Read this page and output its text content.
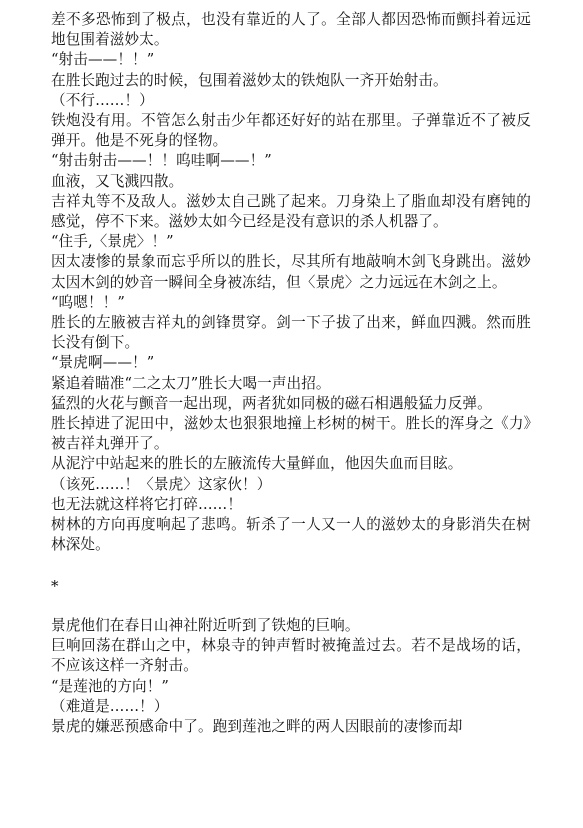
差不多恐怖到了极点，也没有靠近的人了。全部人都因恐怖而颤抖着远远地包围着滋妙太。

“射击——！！”

在胜长跑过去的时候，包围着滋妙太的铁炮队一齐开始射击。

（不行……！）

铁炮没有用。不管怎么射击少年都还好好的站在那里。子弹靠近不了被反弹开。他是不死身的怪物。

“射击射击——！！呜哇啊——！”

血液，又飞溅四散。

吉祥丸等不及敌人。滋妙太自己跳了起来。刀身染上了脂血却没有磨钝的感觉，停不下来。滋妙太如今已经是没有意识的杀人机器了。

“住手,〈景虎〉！”

因太凄惨的景象而忘乎所以的胜长，尽其所有地敲响木剑飞身跳出。滋妙太因木剑的妙音一瞬间全身被冻结，但〈景虎〉之力远远在木剑之上。

“呜嗯！！”

胜长的左腋被吉祥丸的剑锋贯穿。剑一下子拔了出来，鲜血四溅。然而胜长没有倒下。

“景虎啊——！”

紧追着瞄准“二之太刀”胜长大喝一声出招。

猛烈的火花与颤音一起出现，两者犹如同极的磁石相遇般猛力反弹。

胜长掉进了泥田中，滋妙太也狠狠地撞上杉树的树干。胜长的浑身之《力》被吉祥丸弹开了。

从泥泞中站起来的胜长的左腋流传大量鲜血，他因失血而目眩。

（该死……！〈景虎〉这家伙！）

也无法就这样将它打碎……！

树林的方向再度响起了悲鸣。斩杀了一人又一人的滋妙太的身影消失在树林深处。

*

景虎他们在春日山神社附近听到了铁炮的巨响。

巨响回荡在群山之中，林泉寺的钟声暂时被掩盖过去。若不是战场的话，不应该这样一齐射击。

“是莲池的方向！”

（难道是……！）

景虎的嫌恶预感命中了。跑到莲池之畔的两人因眼前的凄惨而却
